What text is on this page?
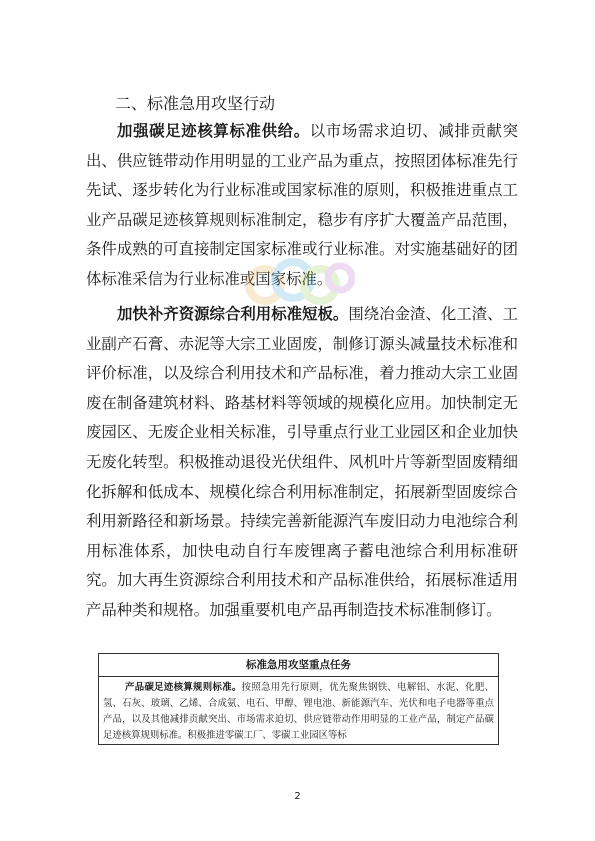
二、标准急用攻坚行动

加强碳足迹核算标准供给。以市场需求迫切、减排贡献突出、供应链带动作用明显的工业产品为重点，按照团体标准先行先试、逐步转化为行业标准或国家标准的原则，积极推进重点工业产品碳足迹核算规则标准制定，稳步有序扩大覆盖产品范围，条件成熟的可直接制定国家标准或行业标准。对实施基础好的团体标准采信为行业标准或国家标准。

加快补齐资源综合利用标准短板。围绕冶金渣、化工渣、工业副产石膏、赤泥等大宗工业固废，制修订源头减量技术标准和评价标准，以及综合利用技术和产品标准，着力推动大宗工业固废在制备建筑材料、路基材料等领域的规模化应用。加快制定无废园区、无废企业相关标准，引导重点行业工业园区和企业加快无废化转型。积极推动退役光伏组件、风机叶片等新型固废精细化拆解和低成本、规模化综合利用标准制定，拓展新型固废综合利用新路径和新场景。持续完善新能源汽车废旧动力电池综合利用标准体系，加快电动自行车废锂离子蓄电池综合利用标准研究。加大再生资源综合利用技术和产品标准供给，拓展标准适用产品种类和规格。加强重要机电产品再制造技术标准制修订。

标准急用攻坚重点任务
产品碳足迹核算规则标准。按照急用先行原则，优先聚焦钢铁、电解铝、水泥、化肥、氢、石灰、玻璃、乙烯、合成氨、电石、甲醇、锂电池、新能源汽车、光伏和电子电器等重点产品，以及其他减排贡献突出、市场需求迫切、供应链带动作用明显的工业产品，制定产品碳足迹核算规则标准。积极推进零碳工厂、零碳工业园区等标
2
